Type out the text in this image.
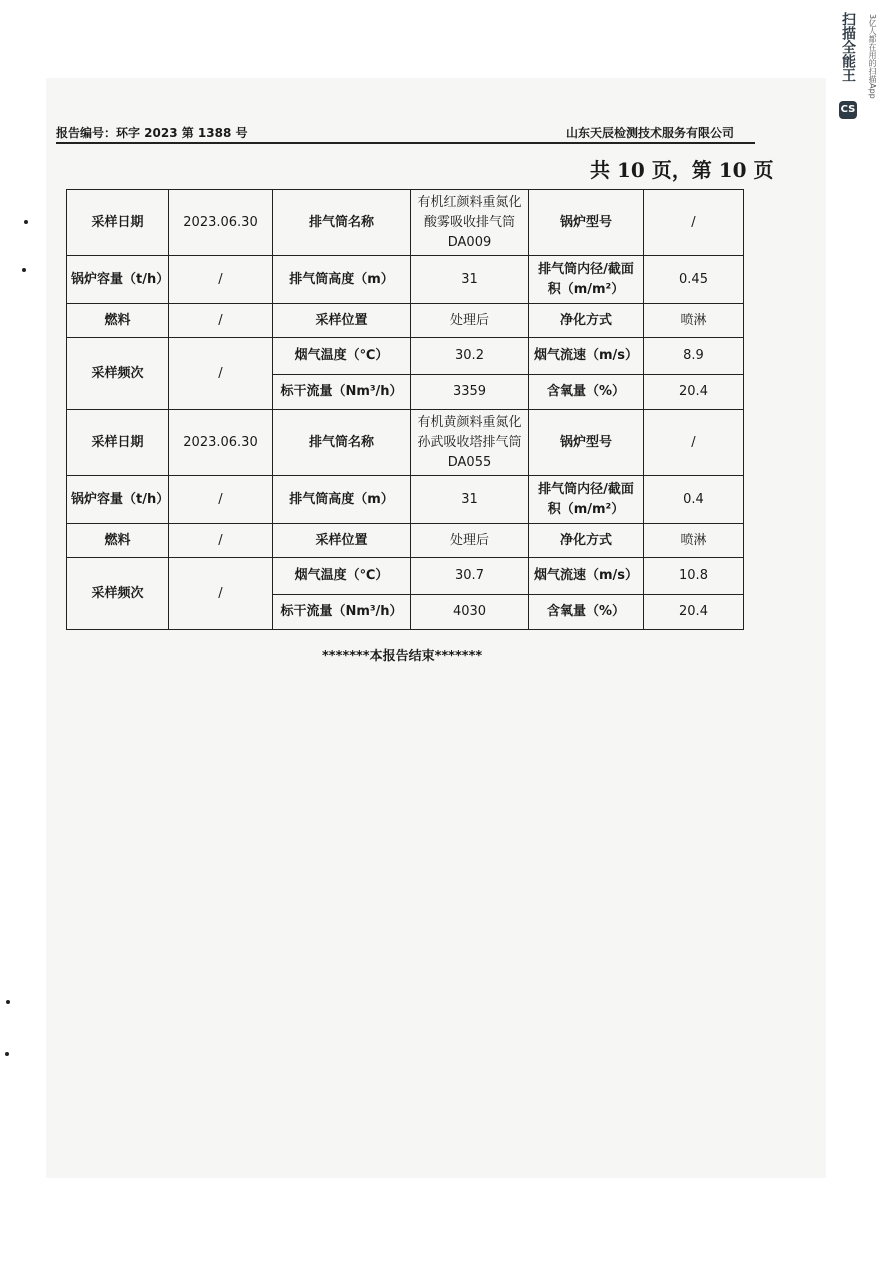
报告编号：环字 2023 第 1388 号	山东天辰检测技术服务有限公司
共 10 页，第 10 页
采样日期	2023.06.30	排气筒名称	有机红颜料重氮化酸雾吸收排气筒 DA009	锅炉型号	/
锅炉容量（t/h）	/	排气筒高度（m）	31	排气筒内径/截面积（m/m²）	0.45
燃料	/	采样位置	处理后	净化方式	喷淋
采样频次	/	烟气温度（℃）	30.2	烟气流速（m/s）	8.9
		标干流量（Nm³/h）	3359	含氧量（%）	20.4
采样日期	2023.06.30	排气筒名称	有机黄颜料重氮化孙武吸收塔排气筒 DA055	锅炉型号	/
锅炉容量（t/h）	/	排气筒高度（m）	31	排气筒内径/截面积（m/m²）	0.4
燃料	/	采样位置	处理后	净化方式	喷淋
采样频次	/	烟气温度（℃）	30.7	烟气流速（m/s）	10.8
		标干流量（Nm³/h）	4030	含氧量（%）	20.4
*******本报告结束*******
CS
扫描全能王 3亿人都在用的扫描App
